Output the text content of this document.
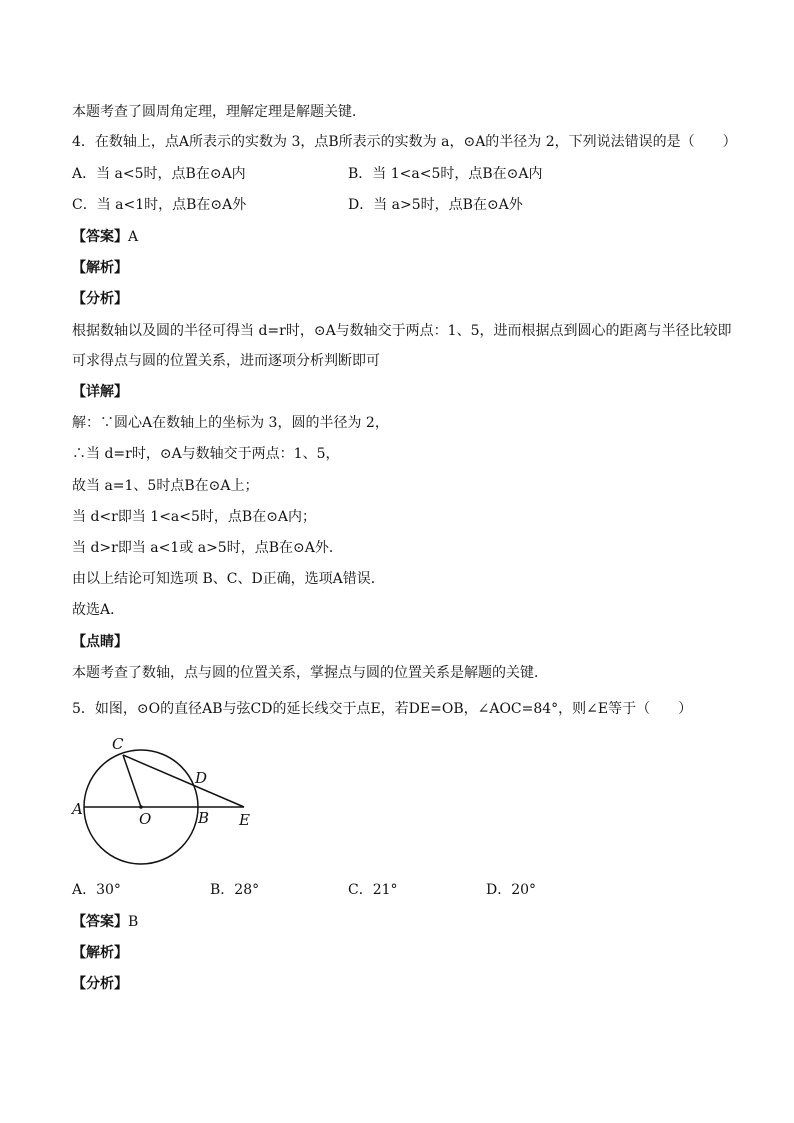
本题考查了圆周角定理，理解定理是解题关键．
4．在数轴上，点A所表示的实数为 3，点B所表示的实数为 a，⊙A的半径为 2，下列说法错误的是（　　）
A．当 a<5时，点B在⊙A内	B．当 1<a<5时，点B在⊙A内
C．当 a<1时，点B在⊙A外	D．当 a>5时，点B在⊙A外
【答案】A
【解析】
【分析】
根据数轴以及圆的半径可得当 d=r时，⊙A与数轴交于两点：1、5，进而根据点到圆心的距离与半径比较即
可求得点与圆的位置关系，进而逐项分析判断即可
【详解】
解：∵圆心A在数轴上的坐标为 3，圆的半径为 2，
∴当 d=r时，⊙A与数轴交于两点：1、5，
故当 a=1、5时点B在⊙A上；
当 d<r即当 1<a<5时，点B在⊙A内；
当 d>r即当 a<1或 a>5时，点B在⊙A外．
由以上结论可知选项 B、C、D正确，选项A错误．
故选A．
【点睛】
本题考查了数轴，点与圆的位置关系，掌握点与圆的位置关系是解题的关键．
5．如图，⊙O的直径AB与弦CD的延长线交于点E，若DE=OB，∠AOC=84°，则∠E等于（　　）
C
D
A
O	B E
A．30°	B．28°	C．21°	D．20°
【答案】B
【解析】
【分析】
